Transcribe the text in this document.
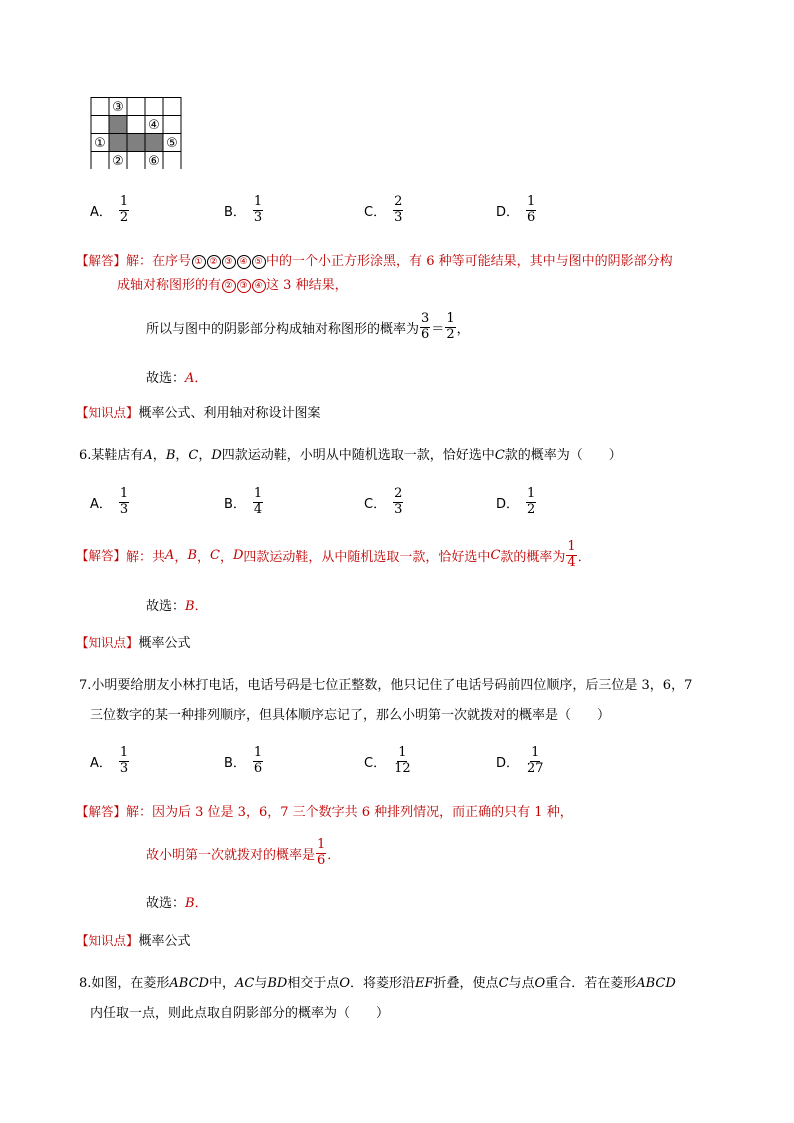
③
④
①	⑤
② ⑥
A． $\frac{1}{2}$	B． $\frac{1}{3}$	C． $\frac{2}{3}$	D． $\frac{1}{6}$
【解答】解：在序号 ① ② ③ ④ ⑤ 中的一个小正方形涂黑，有 6 种等可能结果，其中与图中的阴影部分构
成轴对称图形的有 ② ③ ④ 这 3 种结果，
所以与图中的阴影部分构成轴对称图形的概率为 $\frac{3}{6} = \frac{1}{2}$ ，
故选：A．
【知识点】概率公式、利用轴对称设计图案
6.某鞋店有A，B，C，D四款运动鞋，小明从中随机选取一款，恰好选中C款的概率为（　　）
A． $\frac{1}{3}$	B． $\frac{1}{4}$	C． $\frac{2}{3}$	D． $\frac{1}{2}$
【解答】 解：共 A ， B ， C ， D 四款运动鞋，从中随机选取一款，恰好选中 C 款的概率为 $\frac{1}{4}$ ．
故选：B．
【知识点】概率公式
7.小明要给朋友小林打电话，电话号码是七位正整数，他只记住了电话号码前四位顺序，后三位是 3，6，7
三位数字的某一种排列顺序，但具体顺序忘记了，那么小明第一次就拨对的概率是（　　）
A． $\frac{1}{3}$	B． $\frac{1}{6}$	C． $\frac{1}{12}$	D． $\frac{1}{27}$
【解答】解：因为后 3 位是 3，6，7 三个数字共 6 种排列情况，而正确的只有 1 种，
故小明第一次就拨对的概率是 $\frac{1}{6}$ ．
故选：B．
【知识点】概率公式
8.如图，在菱形ABCD中，AC与BD相交于点O．将菱形沿EF折叠，使点C与点O重合．若在菱形ABCD
内任取一点，则此点取自阴影部分的概率为（　　）
